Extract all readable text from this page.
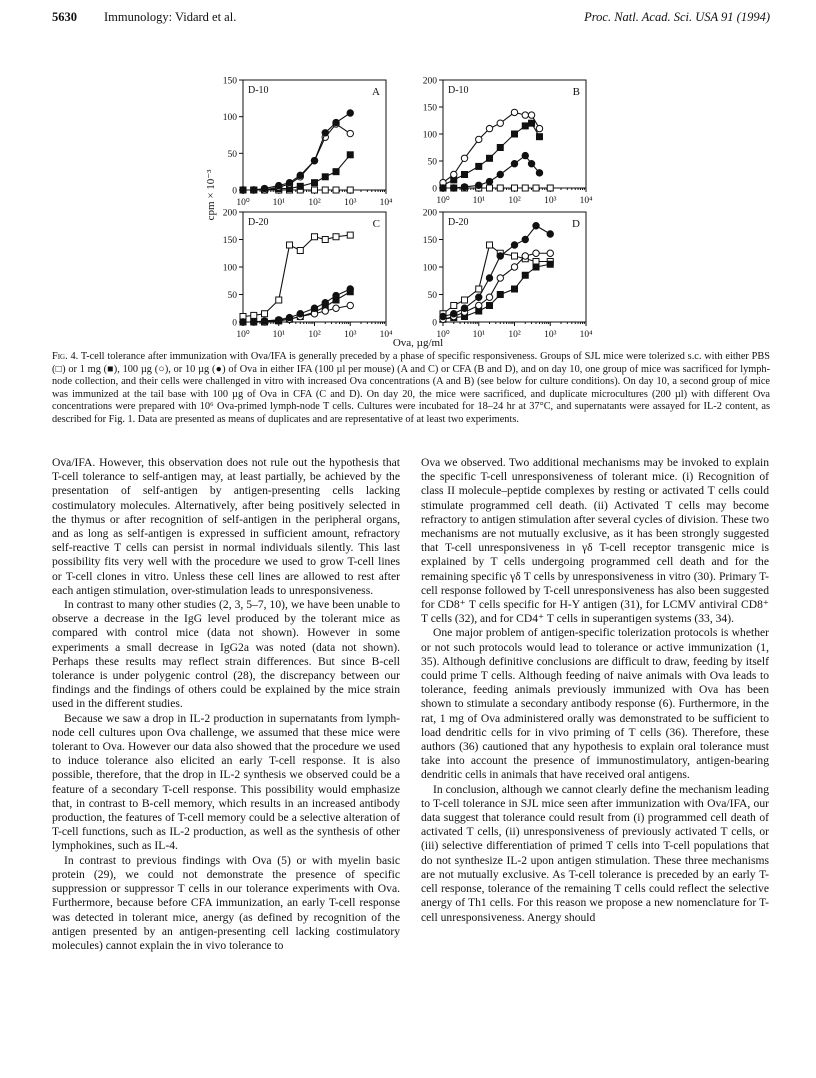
5630 Immunology: Vidard et al.	Proc. Natl. Acad. Sci. USA 91 (1994)
0
50
100
150
10⁰ 10¹ 10² 10³ 10⁴
D-10	A
0
50
100
150
200
10⁰ 10¹ 10² 10³ 10⁴
D-10	B
0
50
100
150
200
10⁰ 10¹ 10² 10³ 10⁴
D-20	C
0
50
100
150
200
10⁰ 10¹ 10² 10³ 10⁴
D-20	D
cpm × 10⁻³
Ova, µg/ml
Fig. 4. T-cell tolerance after immunization with Ova/IFA is generally preceded by a phase of specific responsiveness. Groups of SJL mice were tolerized s.c. with either PBS (□) or 1 mg (■), 100 µg (○), or 10 µg (●) of Ova in either IFA (100 µl per mouse) (A and C) or CFA (B and D), and on day 10, one group of mice was sacrificed for lymph-node collection, and their cells were challenged in vitro with increased Ova concentrations (A and B) (see below for culture conditions). On day 10, a second group of mice was immunized at the tail base with 100 µg of Ova in CFA (C and D). On day 20, the mice were sacrificed, and duplicate microcultures (200 µl) with different Ova concentrations were prepared with 10⁶ Ova-primed lymph-node T cells. Cultures were incubated for 18–24 hr at 37°C, and supernatants were assayed for IL-2 content, as described for Fig. 1. Data are presented as means of duplicates and are representative of at least two experiments.

Ova/IFA. However, this observation does not rule out the hypothesis that T-cell tolerance to self-antigen may, at least partially, be achieved by the presentation of self-antigen by antigen-presenting cells lacking costimulatory molecules. Alternatively, after being positively selected in the thymus or after recognition of self-antigen in the peripheral organs, and as long as self-antigen is expressed in sufficient amount, refractory self-reactive T cells can persist in normal individuals silently. This last possibility fits very well with the procedure we used to grow T-cell lines or T-cell clones in vitro. Unless these cell lines are allowed to rest after each antigen stimulation, over-stimulation leads to unresponsiveness.

In contrast to many other studies (2, 3, 5–7, 10), we have been unable to observe a decrease in the IgG level produced by the tolerant mice as compared with control mice (data not shown). However in some experiments a small decrease in IgG2a was noted (data not shown). Perhaps these results may reflect strain differences. But since B-cell tolerance is under polygenic control (28), the discrepancy between our findings and the findings of others could be explained by the mice strain used in the different studies.

Because we saw a drop in IL-2 production in supernatants from lymph-node cell cultures upon Ova challenge, we assumed that these mice were tolerant to Ova. However our data also showed that the procedure we used to induce tolerance also elicited an early T-cell response. It is also possible, therefore, that the drop in IL-2 synthesis we observed could be a feature of a secondary T-cell response. This possibility would emphasize that, in contrast to B-cell memory, which results in an increased antibody production, the features of T-cell memory could be a selective alteration of T-cell functions, such as IL-2 production, as well as the synthesis of other lymphokines, such as IL-4.

In contrast to previous findings with Ova (5) or with myelin basic protein (29), we could not demonstrate the presence of specific suppression or suppressor T cells in our tolerance experiments with Ova. Furthermore, because before CFA immunization, an early T-cell response was detected in tolerant mice, anergy (as defined by recognition of the antigen presented by an antigen-presenting cell lacking costimulatory molecules) cannot explain the in vivo tolerance to

Ova we observed. Two additional mechanisms may be invoked to explain the specific T-cell unresponsiveness of tolerant mice. (i) Recognition of class II molecule–peptide complexes by resting or activated T cells could stimulate programmed cell death. (ii) Activated T cells may become refractory to antigen stimulation after several cycles of division. These two mechanisms are not mutually exclusive, as it has been strongly suggested that T-cell unresponsiveness in γδ T-cell receptor transgenic mice is explained by T cells undergoing programmed cell death and for the remaining specific γδ T cells by unresponsiveness in vitro (30). Primary T-cell response followed by T-cell unresponsiveness has also been suggested for CD8⁺ T cells specific for H-Y antigen (31), for LCMV antiviral CD8⁺ T cells (32), and for CD4⁺ T cells in superantigen systems (33, 34).

One major problem of antigen-specific tolerization protocols is whether or not such protocols would lead to tolerance or active immunization (1, 35). Although definitive conclusions are difficult to draw, feeding by itself could prime T cells. Although feeding of naive animals with Ova leads to tolerance, feeding animals previously immunized with Ova has been shown to stimulate a secondary antibody response (6). Furthermore, in the rat, 1 mg of Ova administered orally was demonstrated to be sufficient to load dendritic cells for in vivo priming of T cells (36). Therefore, these authors (36) cautioned that any hypothesis to explain oral tolerance must take into account the presence of immunostimulatory, antigen-bearing dendritic cells in animals that have received oral antigens.

In conclusion, although we cannot clearly define the mechanism leading to T-cell tolerance in SJL mice seen after immunization with Ova/IFA, our data suggest that tolerance could result from (i) programmed cell death of activated T cells, (ii) unresponsiveness of previously activated T cells, or (iii) selective differentiation of primed T cells into T-cell populations that do not synthesize IL-2 upon antigen stimulation. These three mechanisms are not mutually exclusive. As T-cell tolerance is preceded by an early T-cell response, tolerance of the remaining T cells could reflect the selective anergy of Th1 cells. For this reason we propose a new nomenclature for T-cell unresponsiveness. Anergy should
